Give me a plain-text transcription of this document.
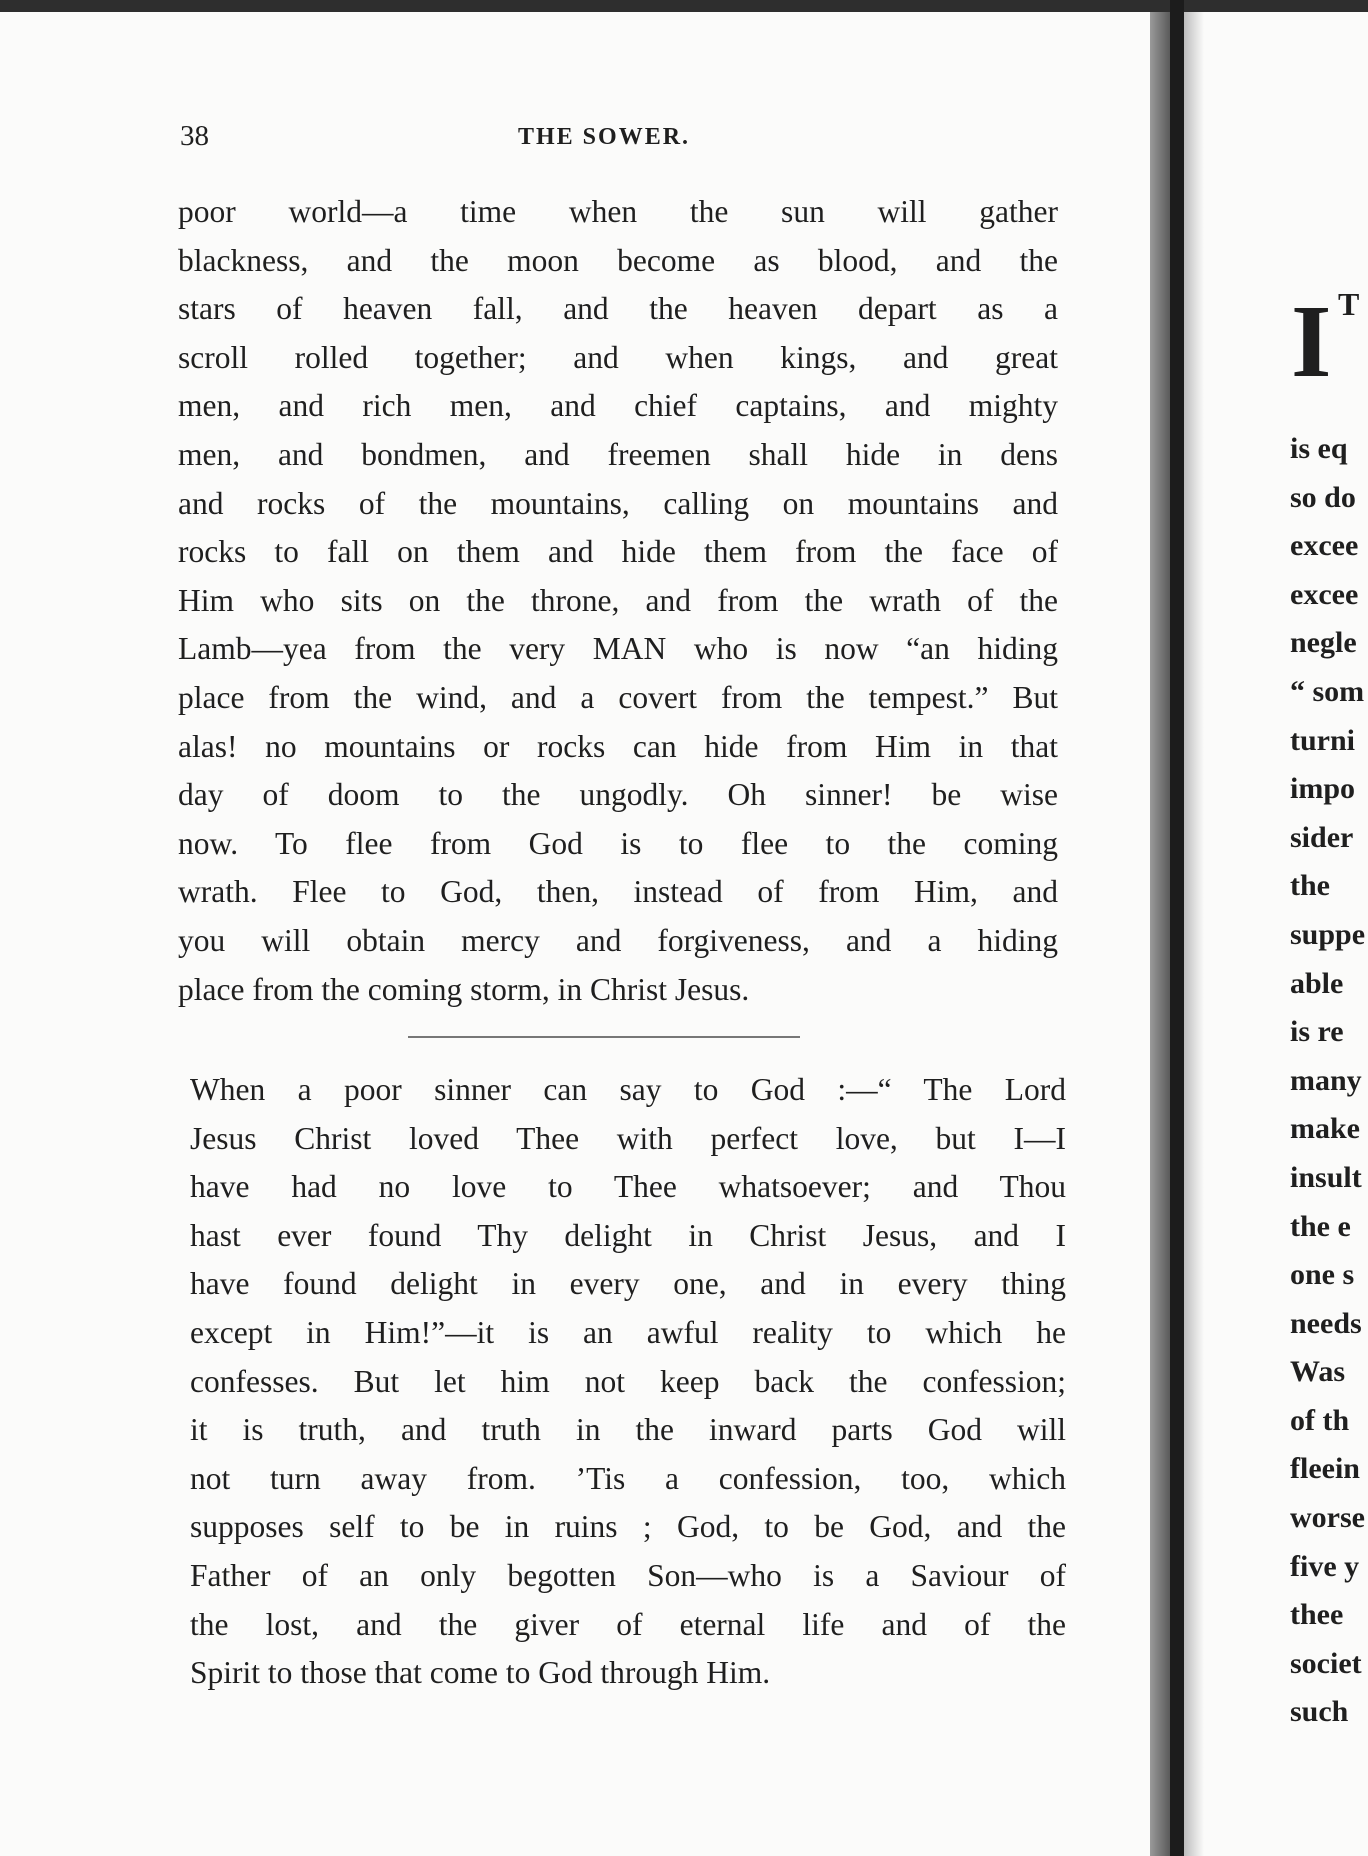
38	THE SOWER.
poor world—a time when the sun will gather
blackness, and the moon become as blood, and the
stars of heaven fall, and the heaven depart as a
scroll rolled together; and when kings, and great
men, and rich men, and chief captains, and mighty
men, and bondmen, and freemen shall hide in dens
and rocks of the mountains, calling on mountains and
rocks to fall on them and hide them from the face of
Him who sits on the throne, and from the wrath of the
Lamb—yea from the very MAN who is now “an hiding
place from the wind, and a covert from the tempest.” But
alas! no mountains or rocks can hide from Him in that
day of doom to the ungodly. Oh sinner! be wise
now. To flee from God is to flee to the coming
wrath. Flee to God, then, instead of from Him, and
you will obtain mercy and forgiveness, and a hiding
place from the coming storm, in Christ Jesus.
When a poor sinner can say to God :—“ The Lord
Jesus Christ loved Thee with perfect love, but I—I
have had no love to Thee whatsoever; and Thou
hast ever found Thy delight in Christ Jesus, and I
have found delight in every one, and in every thing
except in Him!”—it is an awful reality to which he
confesses. But let him not keep back the confession;
it is truth, and truth in the inward parts God will
not turn away from. ’Tis a confession, too, which
supposes self to be in ruins ; God, to be God, and the
Father of an only begotten Son—who is a Saviour of
the lost, and the giver of eternal life and of the
Spirit to those that come to God through Him.
I T
is eq
so do
excee
excee
negle
“ som
turni
impo
sider
the
suppe
able
is re
many
make
insult
the e
one s
needs
Was
of th
fleein
worse
five y
thee
societ
such
